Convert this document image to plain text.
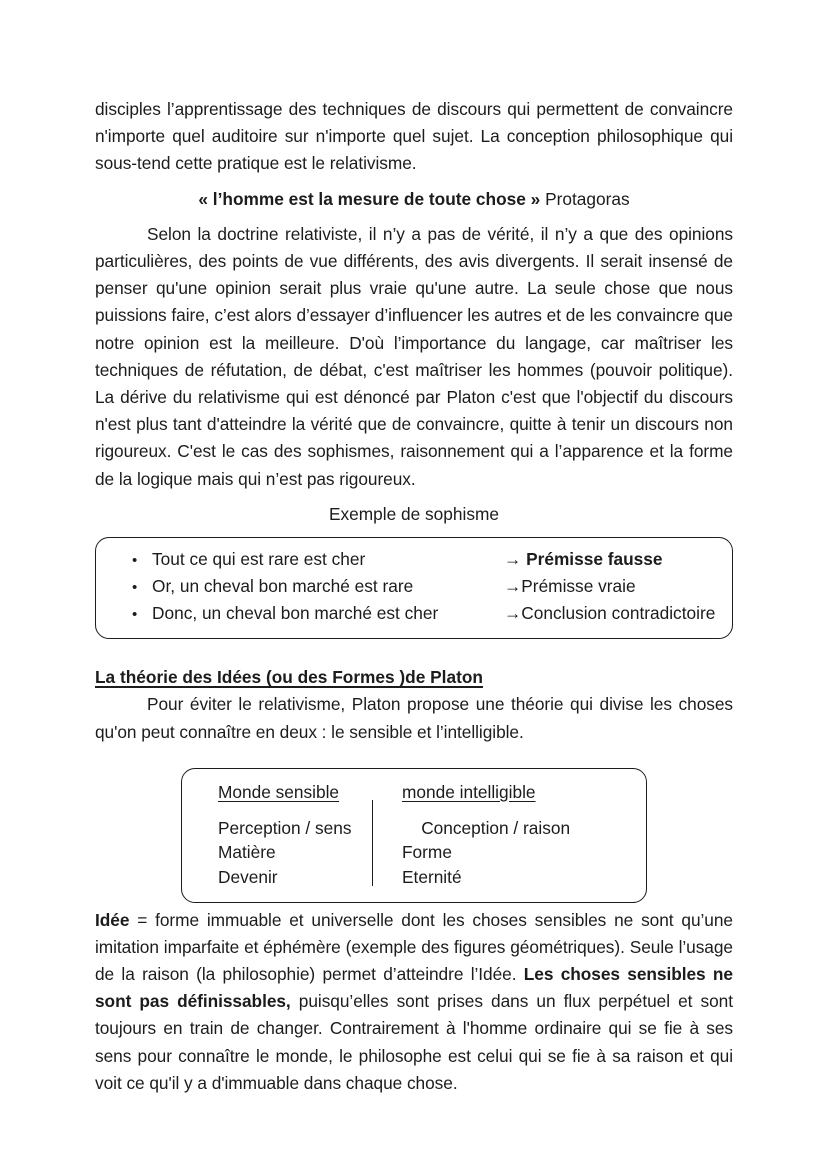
disciples l’apprentissage des techniques de discours qui permettent de convaincre n'importe quel auditoire sur n'importe quel sujet. La conception philosophique qui sous-tend cette pratique est le relativisme.

« l’homme est la mesure de toute chose » Protagoras

Selon la doctrine relativiste, il n’y a pas de vérité, il n’y a que des opinions particulières, des points de vue différents, des avis divergents. Il serait insensé de penser qu'une opinion serait plus vraie qu'une autre. La seule chose que nous puissions faire, c’est alors d’essayer d’influencer les autres et de les convaincre que notre opinion est la meilleure. D'où l’importance du langage, car maîtriser les techniques de réfutation, de débat, c'est maîtriser les hommes (pouvoir politique). La dérive du relativisme qui est dénoncé par Platon c'est que l'objectif du discours n'est plus tant d'atteindre la vérité que de convaincre, quitte à tenir un discours non rigoureux. C'est le cas des sophismes, raisonnement qui a l’apparence et la forme de la logique mais qui n’est pas rigoureux.

Exemple de sophisme

• Tout ce qui est rare est cher	→ Prémisse fausse
• Or, un cheval bon marché est rare	→Prémisse vraie
• Donc, un cheval bon marché est cher	→Conclusion contradictoire

La théorie des Idées (ou des Formes )de Platon

Pour éviter le relativisme, Platon propose une théorie qui divise les choses qu'on peut connaître en deux : le sensible et l’intelligible.

Monde sensible	monde intelligible
Perception / sens	Conception / raison
Matière	Forme
Devenir	Eternité

Idée = forme immuable et universelle dont les choses sensibles ne sont qu’une imitation imparfaite et éphémère (exemple des figures géométriques). Seule l’usage de la raison (la philosophie) permet d’atteindre l’Idée. Les choses sensibles ne sont pas définissables, puisqu’elles sont prises dans un flux perpétuel et sont toujours en train de changer. Contrairement à l'homme ordinaire qui se fie à ses sens pour connaître le monde, le philosophe est celui qui se fie à sa raison et qui voit ce qu'il y a d'immuable dans chaque chose.
